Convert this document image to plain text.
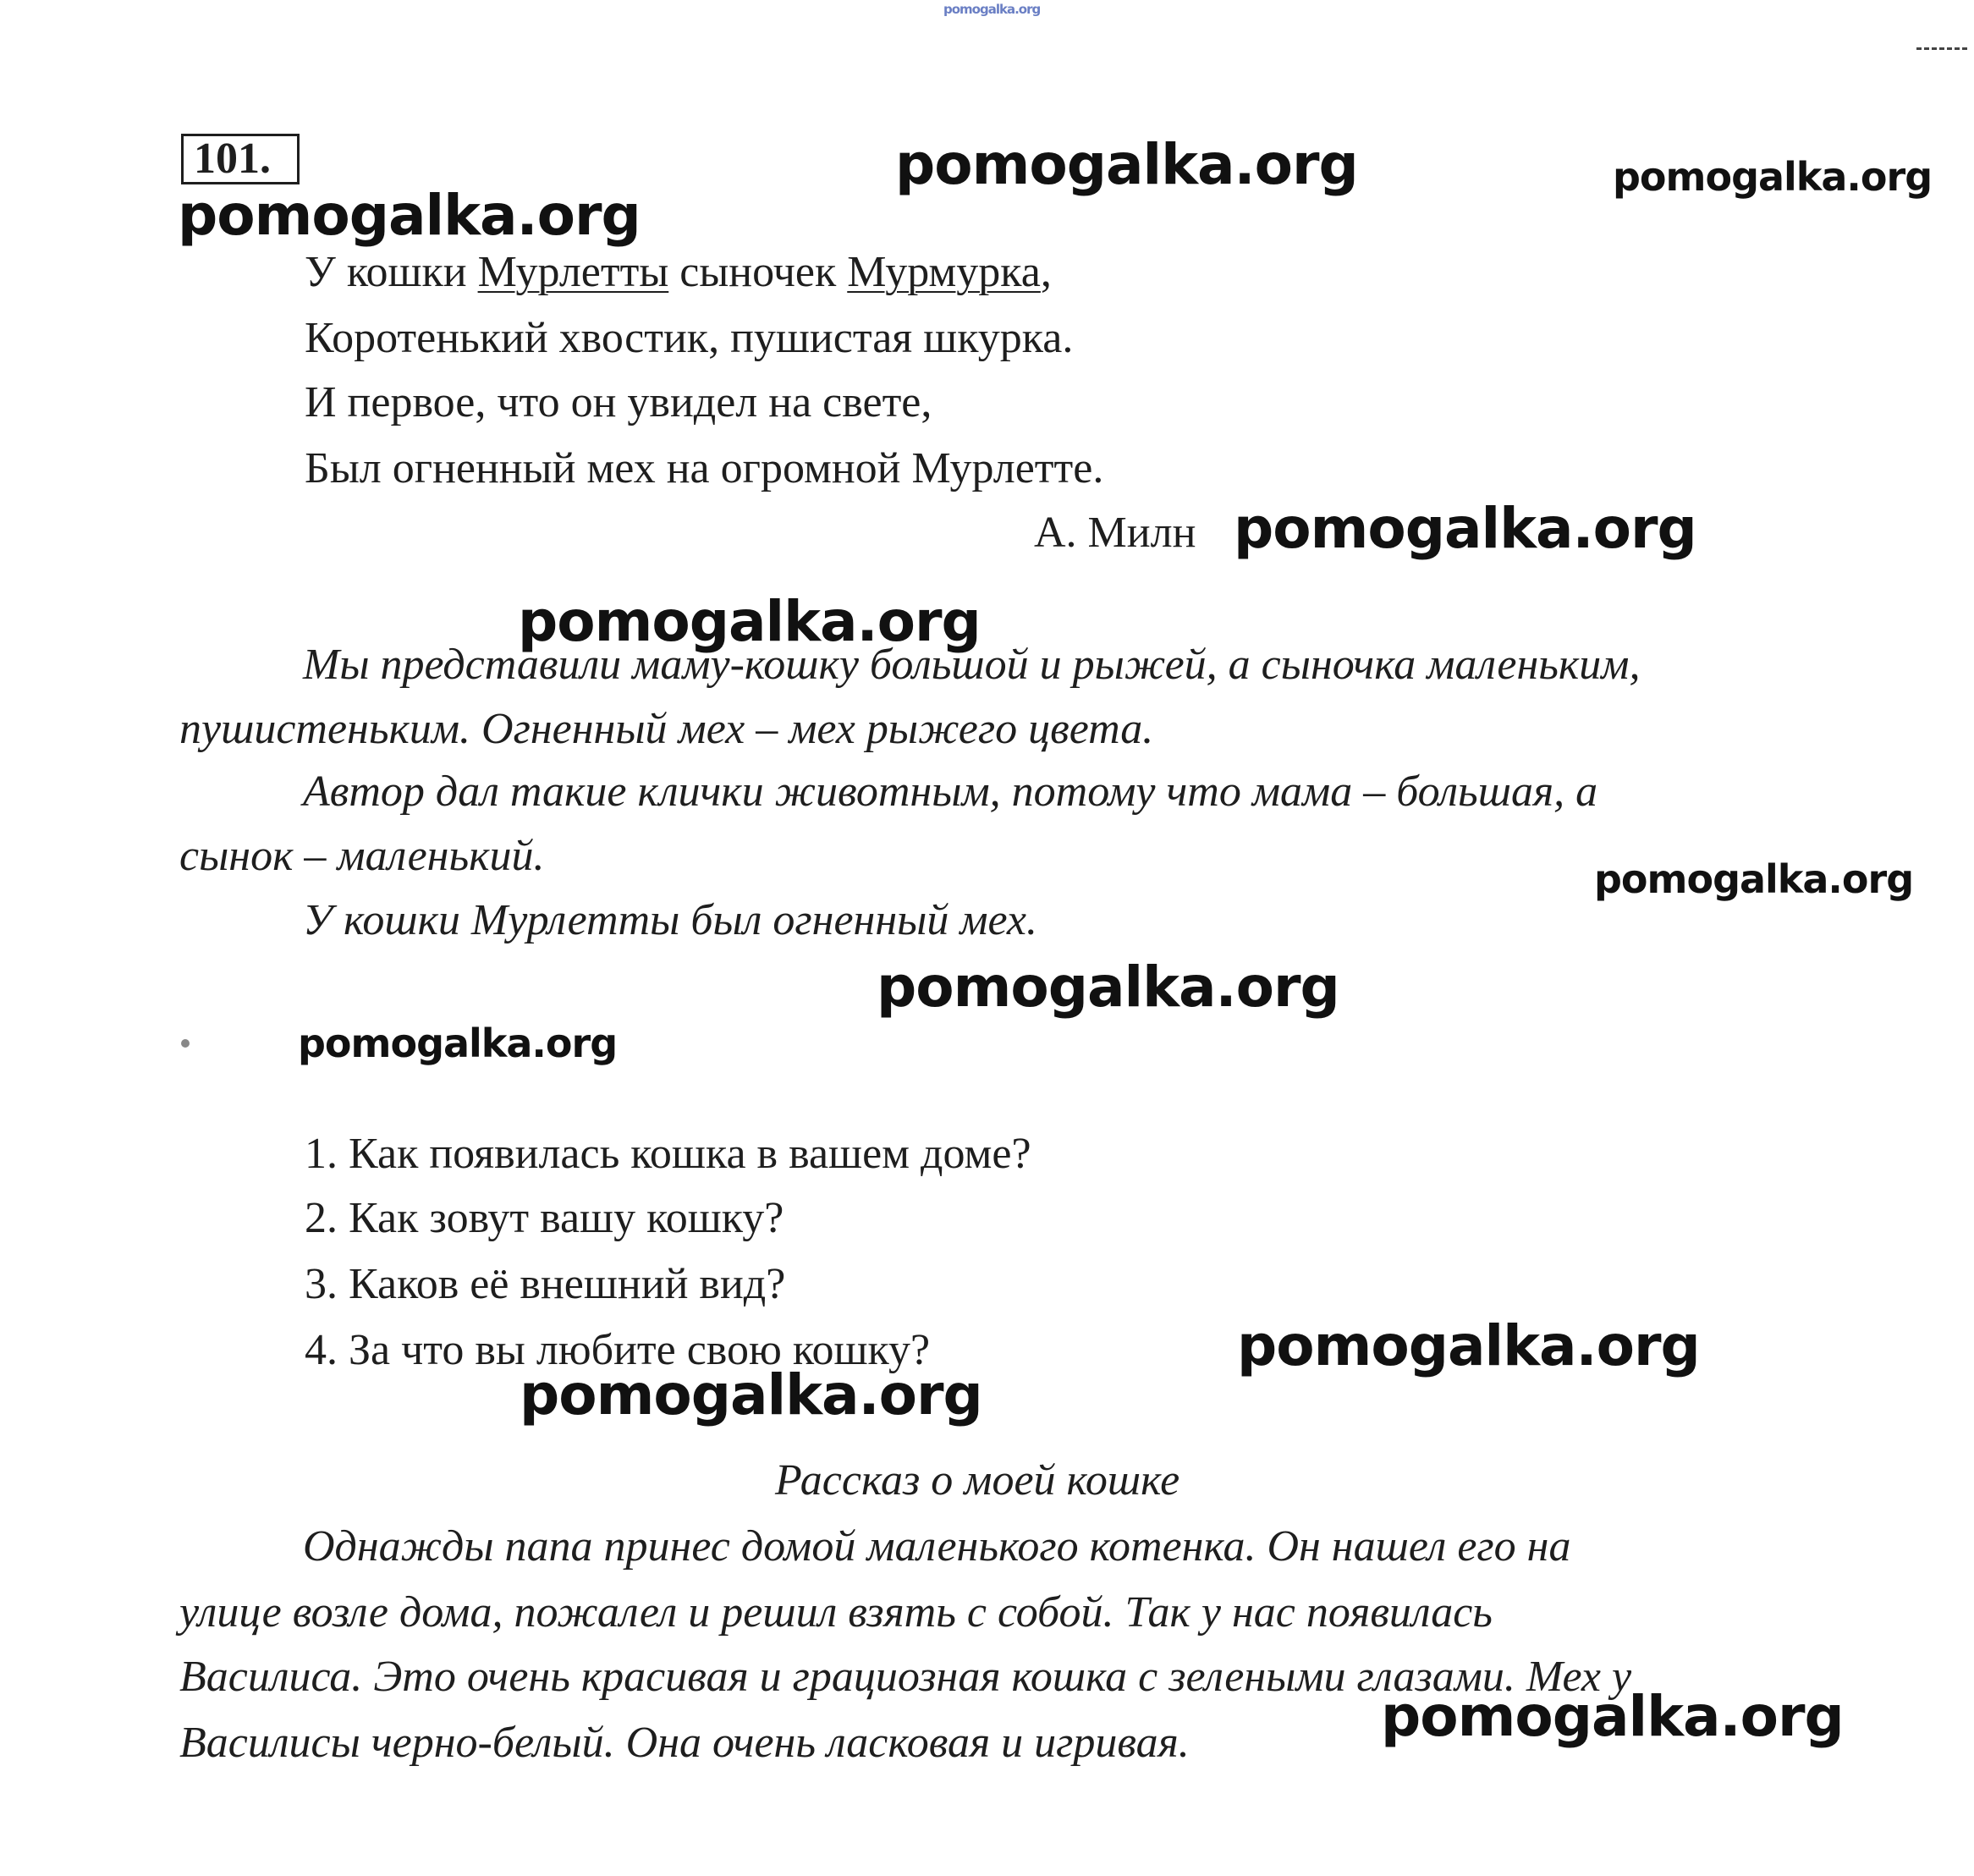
pomogalka.org
101.	pomogalka.org	pomogalka.org
pomogalka.org
У кошки Мурлетты сыночек Мурмурка,
Коротенький хвостик, пушистая шкурка.
И первое, что он увидел на свете,
Был огненный мех на огромной Мурлетте.
А. Милн pomogalka.org
pomogalka.org
Мы представили маму-кошку большой и рыжей, а сыночка маленьким,
пушистеньким. Огненный мех – мех рыжего цвета.
Автор дал такие клички животным, потому что мама – большая, а
сынок – маленький.	pomogalka.org
У кошки Мурлетты был огненный мех.
pomogalka.org
pomogalka.org
1. Как появилась кошка в вашем доме?
2. Как зовут вашу кошку?
3. Каков её внешний вид?
4. За что вы любите свою кошку?	pomogalka.org
pomogalka.org
Рассказ о моей кошке
Однажды папа принес домой маленького котенка. Он нашел его на
улице возле дома, пожалел и решил взять с собой. Так у нас появилась
Василиса. Это очень красивая и грациозная кошка с зелеными глазами. Мех у
Василисы черно-белый. Она очень ласковая и игривая.	pomogalka.org
